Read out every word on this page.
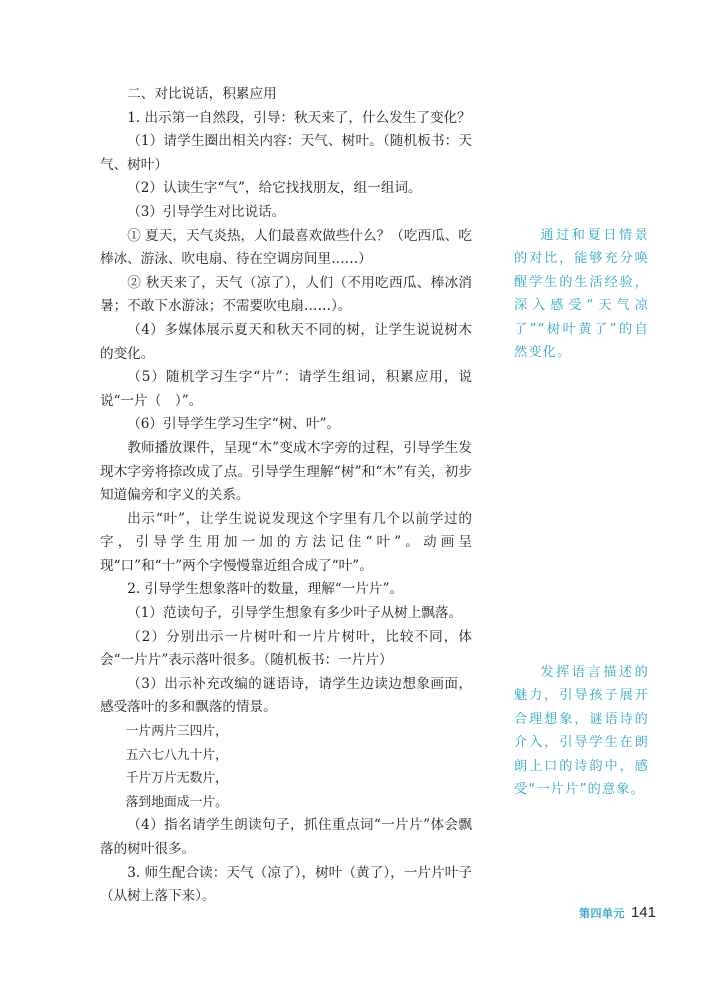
二、对比说话，积累应用

1. 出示第一自然段，引导：秋天来了，什么发生了变化？

（1）请学生圈出相关内容：天气、树叶。（随机板书：天气、树叶）

（2）认读生字“气”，给它找找朋友，组一组词。

（3）引导学生对比说话。

① 夏天，天气炎热，人们最喜欢做些什么？（吃西瓜、吃棒冰、游泳、吹电扇、待在空调房间里……）

② 秋天来了，天气（凉了），人们（不用吃西瓜、棒冰消暑；不敢下水游泳；不需要吹电扇……）。

（4）多媒体展示夏天和秋天不同的树，让学生说说树木的变化。

（5）随机学习生字“片”：请学生组词，积累应用，说说“一片（　）”。

（6）引导学生学习生字“树、叶”。

教师播放课件，呈现“木”变成木字旁的过程，引导学生发现木字旁将捺改成了点。引导学生理解“树”和“木”有关，初步知道偏旁和字义的关系。

出示“叶”，让学生说说发现这个字里有几个以前学过的字，引导学生用加一加的方法记住“叶”。动画呈现“口”和“十”两个字慢慢靠近组合成了“叶”。

2. 引导学生想象落叶的数量，理解“一片片”。

（1）范读句子，引导学生想象有多少叶子从树上飘落。

（2）分别出示一片树叶和一片片树叶，比较不同，体会“一片片”表示落叶很多。（随机板书：一片片）

（3）出示补充改编的谜语诗，请学生边读边想象画面，感受落叶的多和飘落的情景。

一片两片三四片，

五六七八九十片，

千片万片无数片，

落到地面成一片。

（4）指名请学生朗读句子，抓住重点词“一片片”体会飘落的树叶很多。

3. 师生配合读：天气（凉了），树叶（黄了），一片片叶子（从树上落下来）。

通过和夏日情景的对比，能够充分唤醒学生的生活经验，深入感受“天气凉了”“树叶黄了”的自然变化。
发挥语言描述的魅力，引导孩子展开合理想象，谜语诗的介入，引导学生在朗朗上口的诗韵中，感受“一片片”的意象。
第四单元 141
